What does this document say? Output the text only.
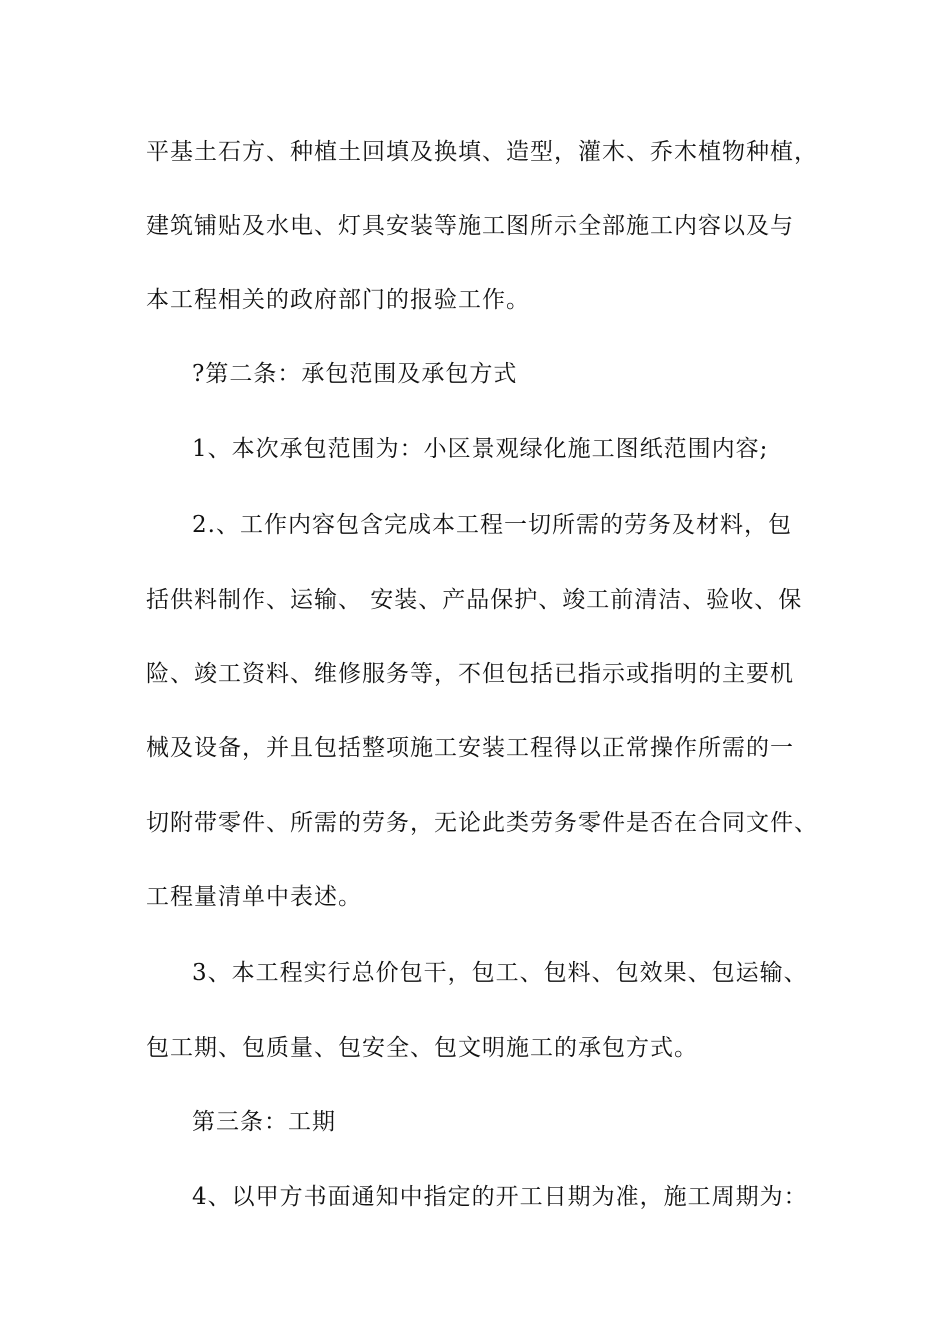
平基土石方、种植土回填及换填、造型，灌木、乔木植物种植，
建筑铺贴及水电、灯具安装等施工图所示全部施工内容以及与
本工程相关的政府部门的报验工作。
?第二条：承包范围及承包方式
1、本次承包范围为：小区景观绿化施工图纸范围内容;
2.、工作内容包含完成本工程一切所需的劳务及材料，包
括供料制作、运输、 安装、产品保护、竣工前清洁、验收、保
险、竣工资料、维修服务等，不但包括已指示或指明的主要机
械及设备，并且包括整项施工安装工程得以正常操作所需的一
切附带零件、所需的劳务，无论此类劳务零件是否在合同文件、
工程量清单中表述。
3、本工程实行总价包干，包工、包料、包效果、包运输、
包工期、包质量、包安全、包文明施工的承包方式。
第三条：工期
4、以甲方书面通知中指定的开工日期为准，施工周期为：
